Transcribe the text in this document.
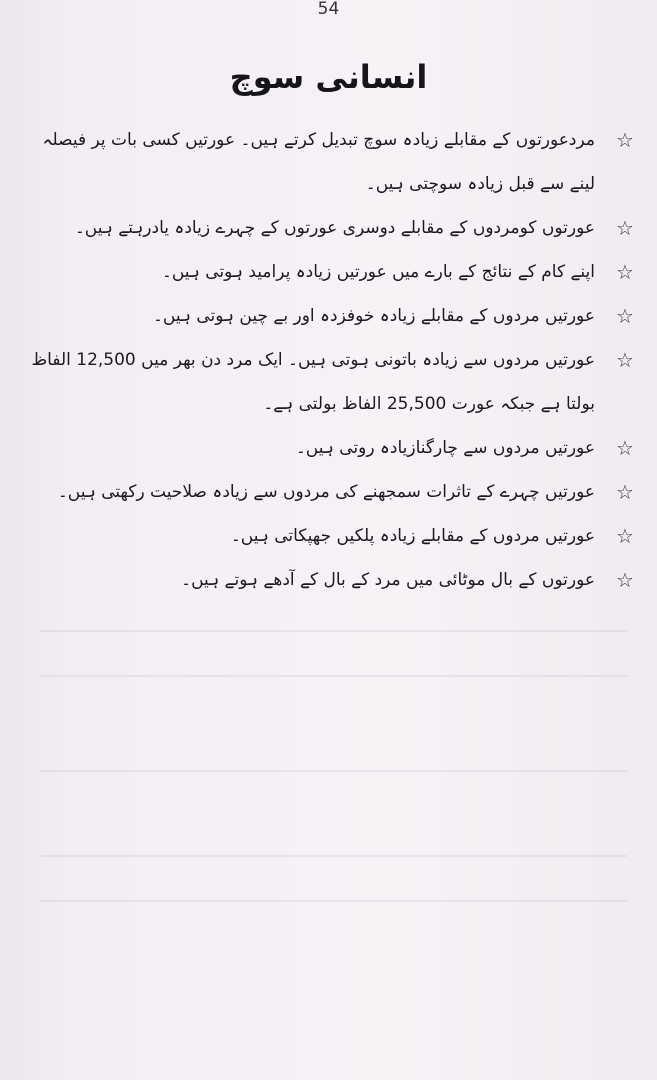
54
انسانی سوچ
☆
مردعورتوں کے مقابلے زیادہ سوچ تبدیل کرتے ہیں۔ عورتیں کسی بات پر فیصلہ لینے سے قبل زیادہ سوچتی ہیں۔
☆
عورتوں کومردوں کے مقابلے دوسری عورتوں کے چہرے زیادہ یادرہتے ہیں۔
☆
اپنے کام کے نتائج کے بارے میں عورتیں زیادہ پرامید ہوتی ہیں۔
☆
عورتیں مردوں کے مقابلے زیادہ خوفزدہ اور بے چین ہوتی ہیں۔
☆
عورتیں مردوں سے زیادہ باتونی ہوتی ہیں۔ ایک مرد دن بھر میں 12,500 الفاظ بولتا ہے جبکہ عورت 25,500 الفاظ بولتی ہے۔
☆
عورتیں مردوں سے چارگنازیادہ روتی ہیں۔
☆
عورتیں چہرے کے تاثرات سمجھنے کی مردوں سے زیادہ صلاحیت رکھتی ہیں۔
☆
عورتیں مردوں کے مقابلے زیادہ پلکیں جھپکاتی ہیں۔
☆
عورتوں کے بال موٹائی میں مرد کے بال کے آدھے ہوتے ہیں۔
